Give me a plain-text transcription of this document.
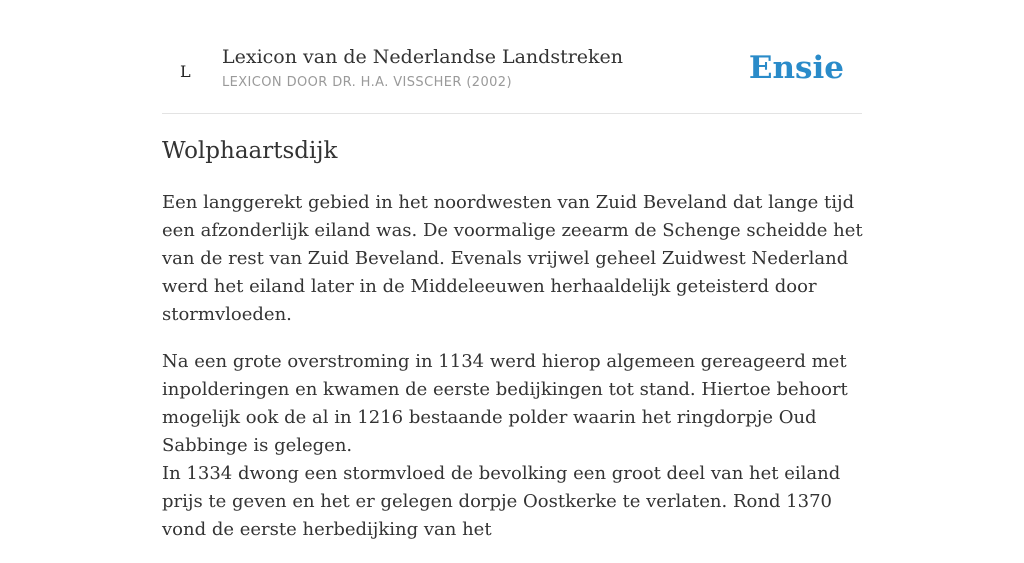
L
Lexicon van de Nederlandse Landstreken
LEXICON DOOR DR. H.A. VISSCHER (2002)	Ensie
Wolphaartsdijk

Een langgerekt gebied in het noordwesten van Zuid Beveland dat lange tijd een afzonderlijk eiland was. De voormalige zeearm de Schenge scheidde het van de rest van Zuid Beveland. Evenals vrijwel geheel Zuidwest Nederland werd het eiland later in de Middeleeuwen herhaaldelijk geteisterd door stormvloeden.

Na een grote overstroming in 1134 werd hierop algemeen gereageerd met inpolderingen en kwamen de eerste bedijkingen tot stand. Hiertoe behoort mogelijk ook de al in 1216 bestaande polder waarin het ringdorpje Oud Sabbinge is gelegen.

In 1334 dwong een stormvloed de bevolking een groot deel van het eiland prijs te geven en het er gelegen dorpje Oostkerke te verlaten. Rond 1370 vond de eerste herbedijking van het
